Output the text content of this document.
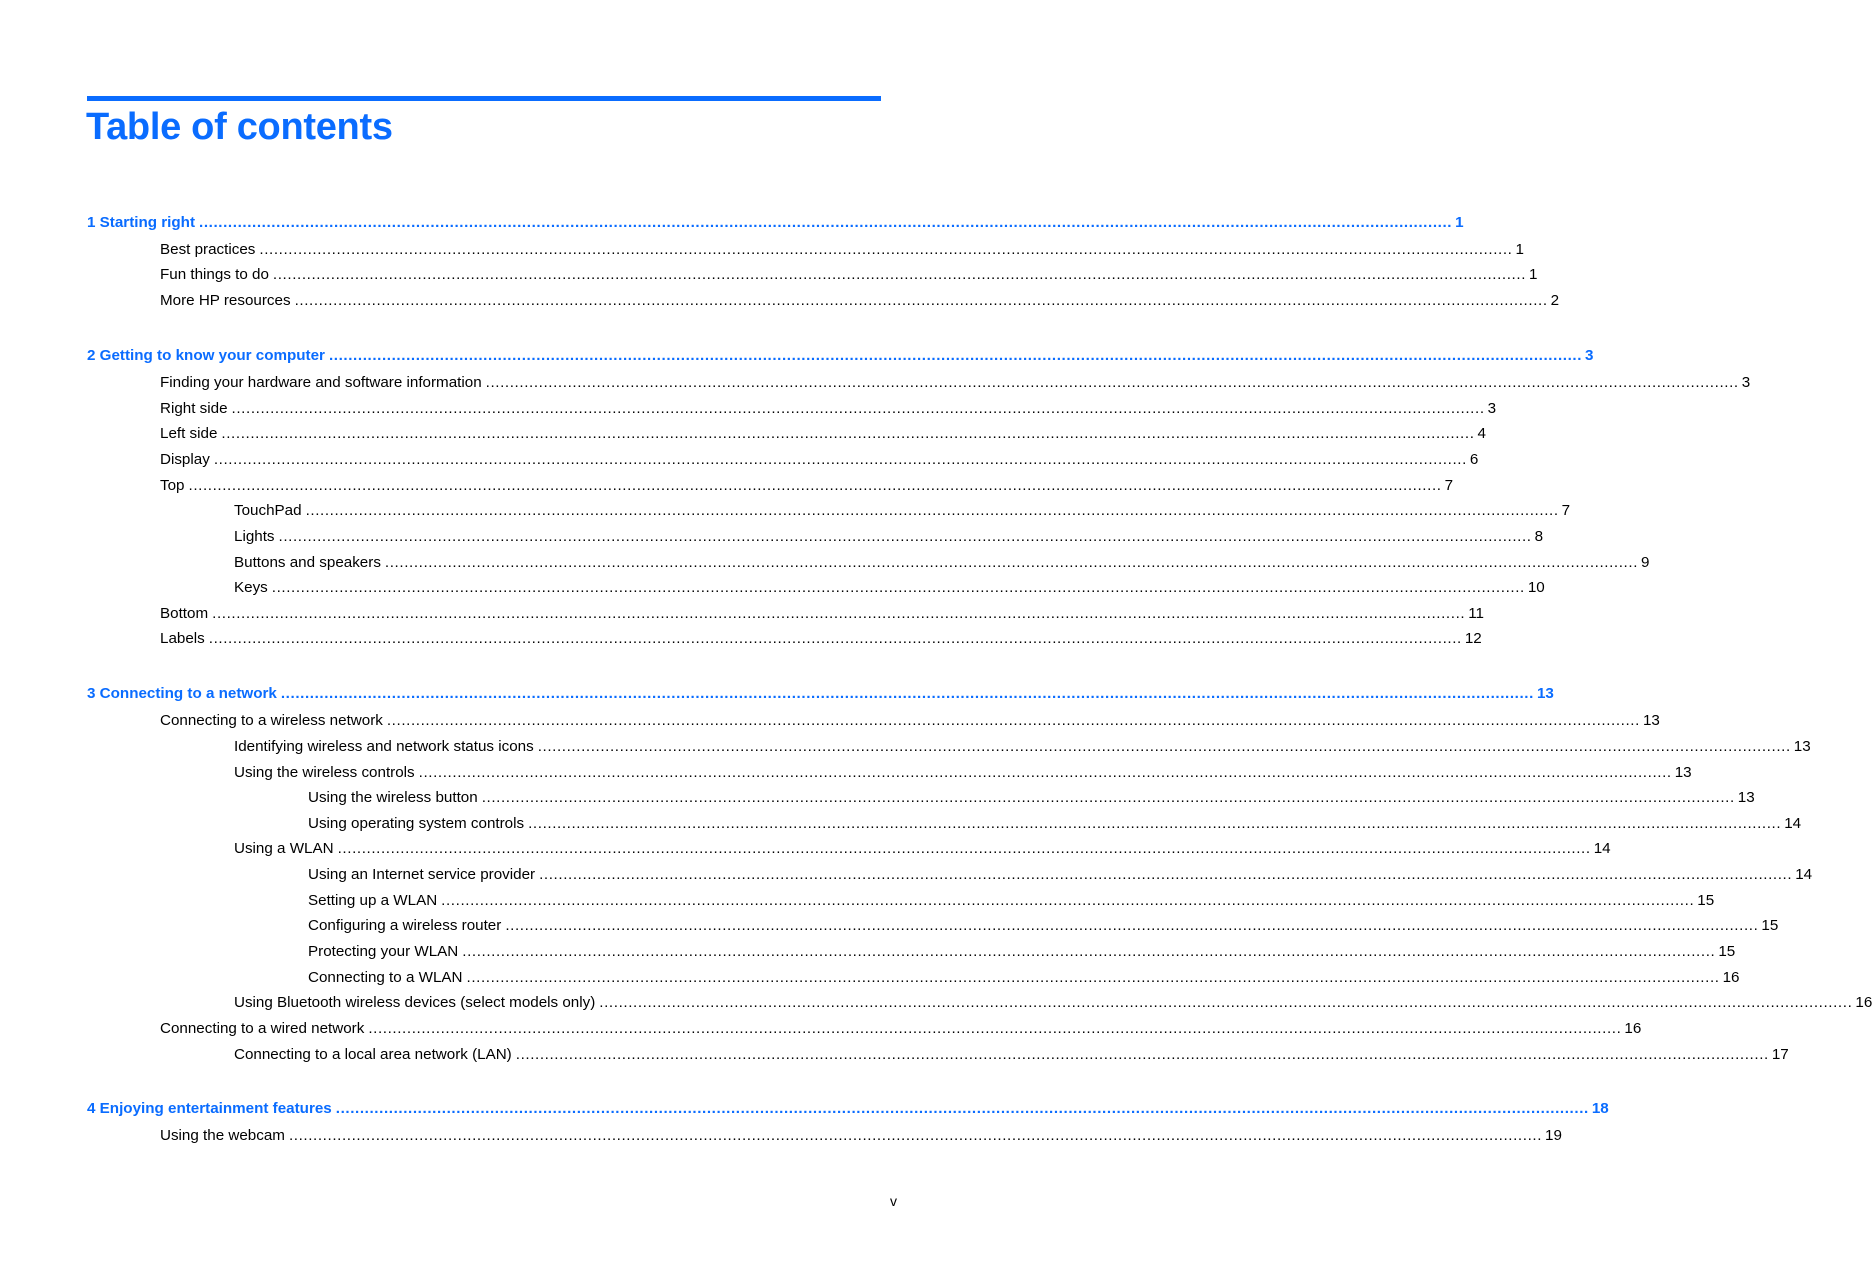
Table of contents
1 Starting right .................................................................................................................................................................................................................................................................... 1
Best practices .................................................................................................................................................................................................................................................................... 1
Fun things to do .................................................................................................................................................................................................................................................................... 1
More HP resources .................................................................................................................................................................................................................................................................... 2
2 Getting to know your computer .................................................................................................................................................................................................................................................................... 3
Finding your hardware and software information .................................................................................................................................................................................................................................................................... 3
Right side .................................................................................................................................................................................................................................................................... 3
Left side .................................................................................................................................................................................................................................................................... 4
Display .................................................................................................................................................................................................................................................................... 6
Top .................................................................................................................................................................................................................................................................... 7
TouchPad .................................................................................................................................................................................................................................................................... 7
Lights .................................................................................................................................................................................................................................................................... 8
Buttons and speakers .................................................................................................................................................................................................................................................................... 9
Keys .................................................................................................................................................................................................................................................................... 10
Bottom .................................................................................................................................................................................................................................................................... 11
Labels .................................................................................................................................................................................................................................................................... 12
3 Connecting to a network .................................................................................................................................................................................................................................................................... 13
Connecting to a wireless network .................................................................................................................................................................................................................................................................... 13
Identifying wireless and network status icons .................................................................................................................................................................................................................................................................... 13
Using the wireless controls .................................................................................................................................................................................................................................................................... 13
Using the wireless button .................................................................................................................................................................................................................................................................... 13
Using operating system controls .................................................................................................................................................................................................................................................................... 14
Using a WLAN .................................................................................................................................................................................................................................................................... 14
Using an Internet service provider .................................................................................................................................................................................................................................................................... 14
Setting up a WLAN .................................................................................................................................................................................................................................................................... 15
Configuring a wireless router .................................................................................................................................................................................................................................................................... 15
Protecting your WLAN .................................................................................................................................................................................................................................................................... 15
Connecting to a WLAN .................................................................................................................................................................................................................................................................... 16
Using Bluetooth wireless devices (select models only) .................................................................................................................................................................................................................................................................... 16
Connecting to a wired network .................................................................................................................................................................................................................................................................... 16
Connecting to a local area network (LAN) .................................................................................................................................................................................................................................................................... 17
4 Enjoying entertainment features .................................................................................................................................................................................................................................................................... 18
Using the webcam .................................................................................................................................................................................................................................................................... 19
v
